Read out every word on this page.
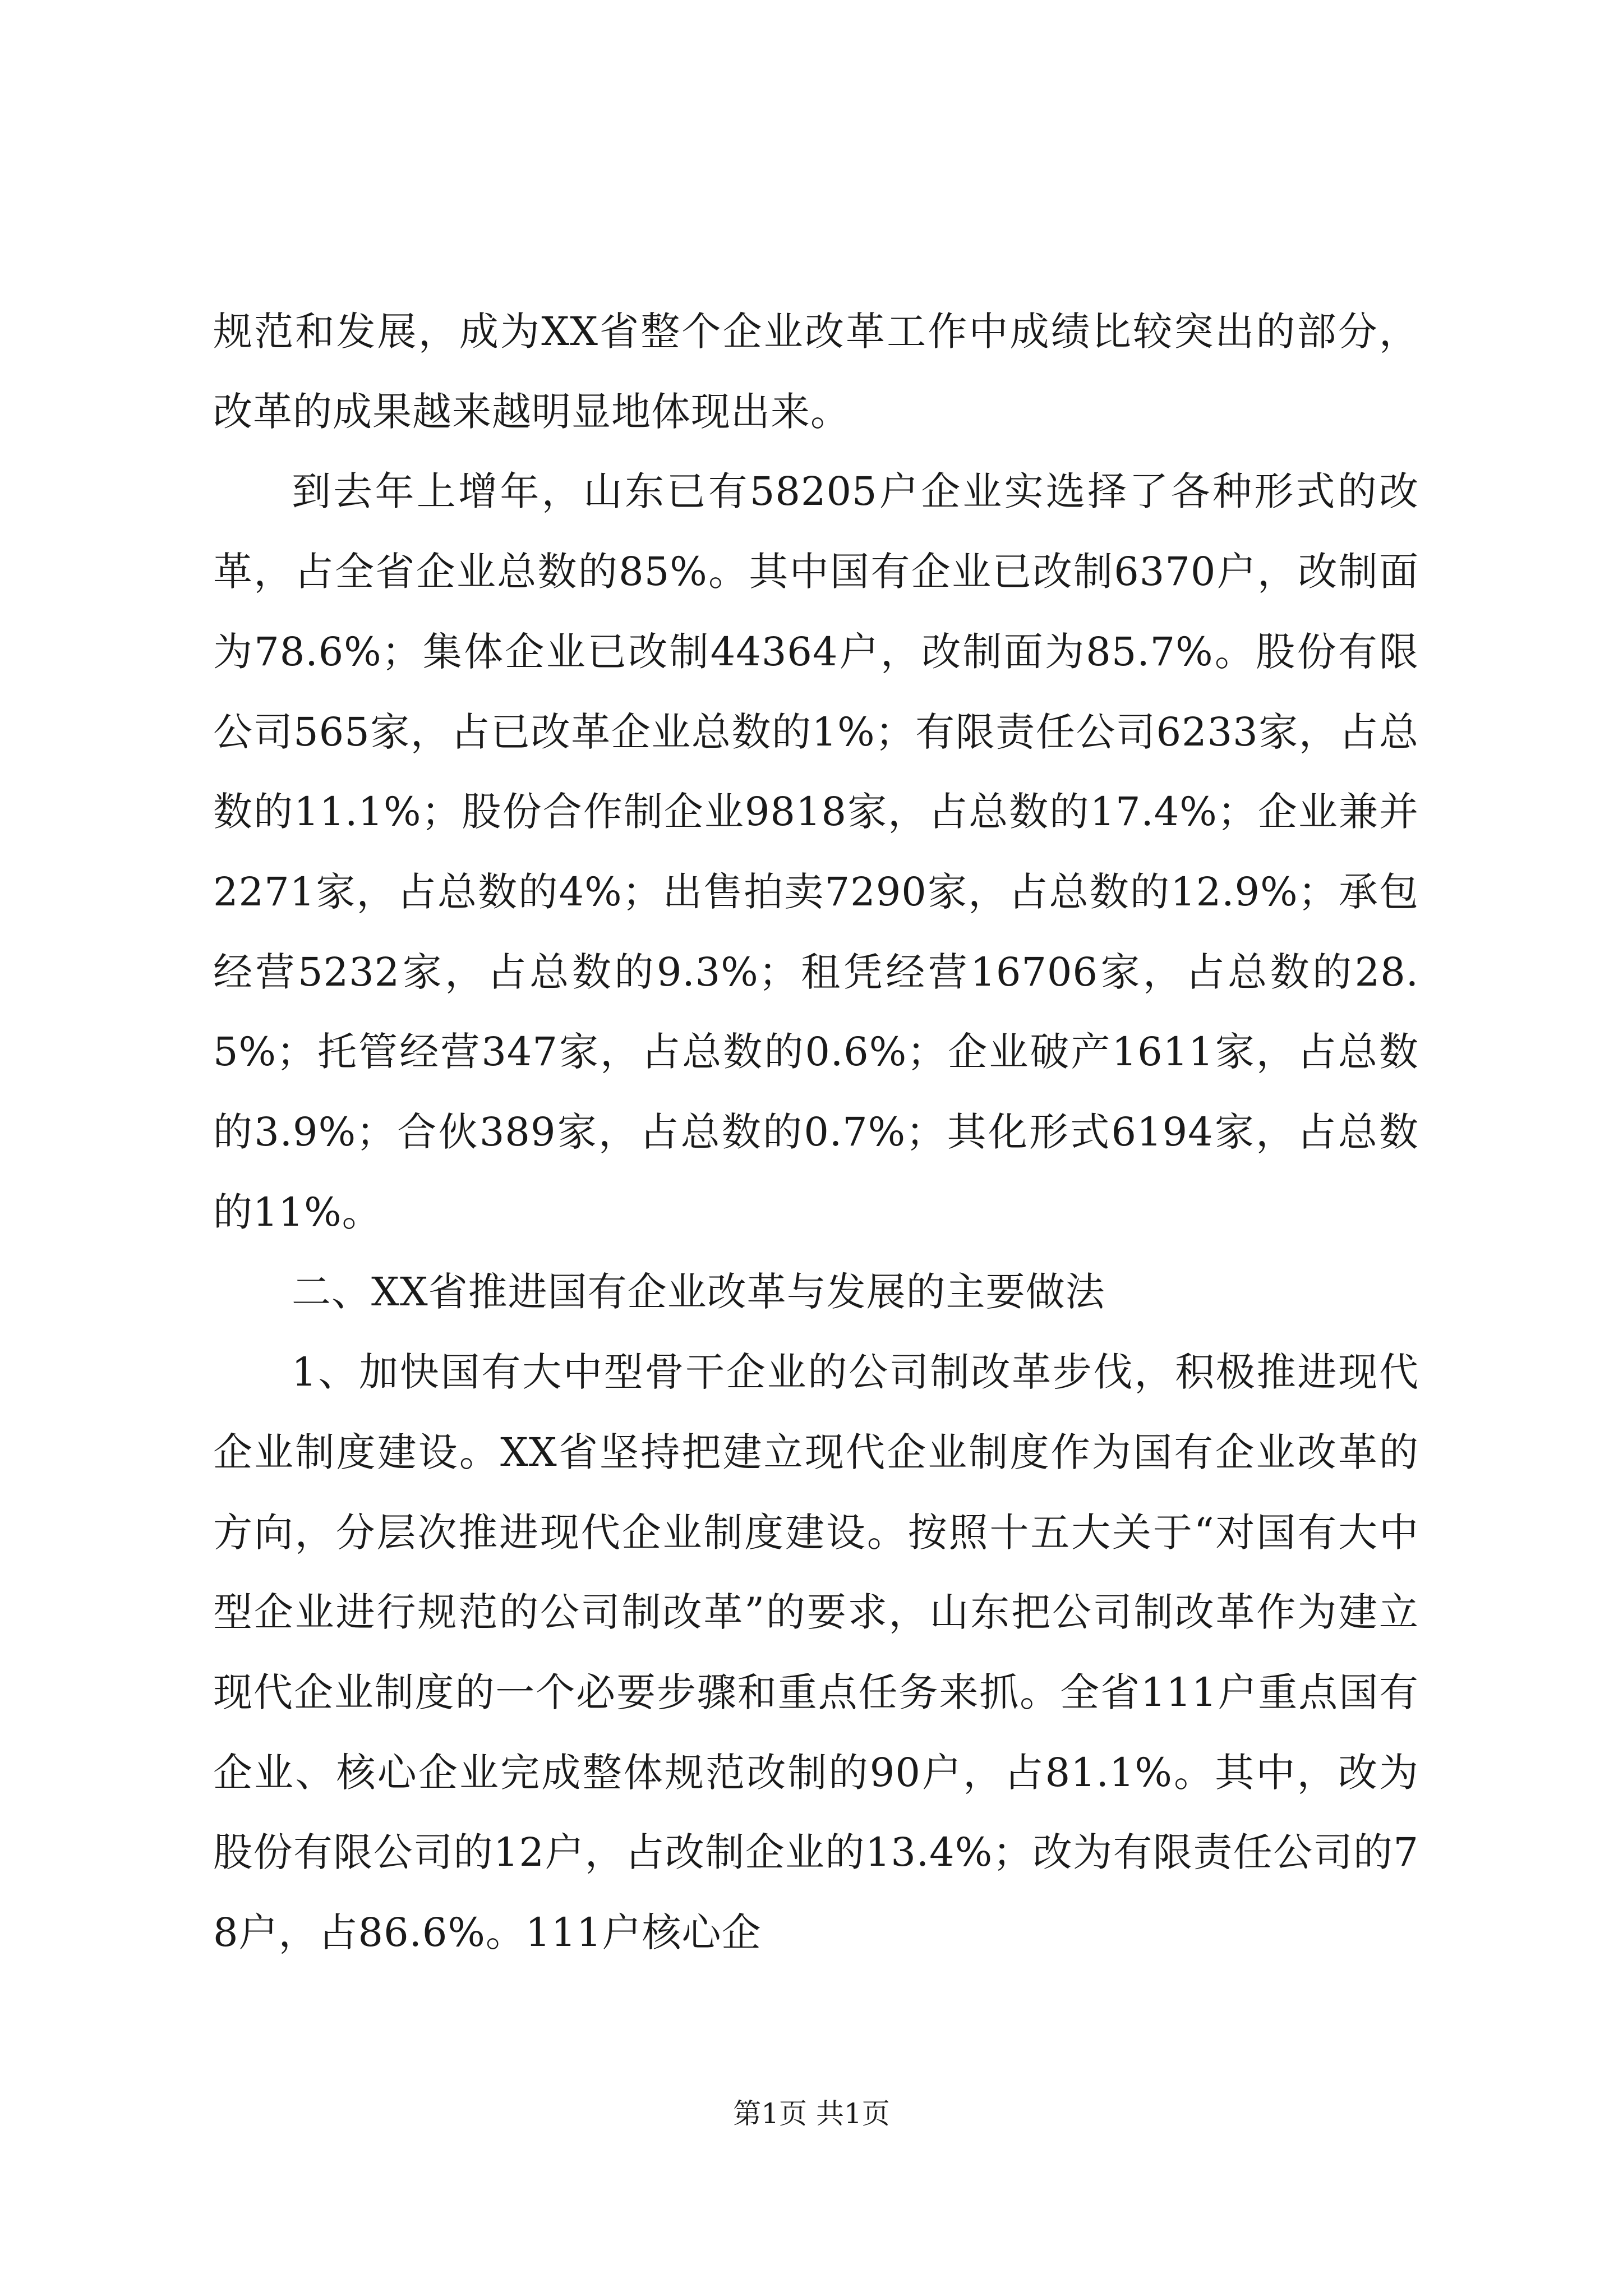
规范和发展，成为XX省整个企业改革工作中成绩比较突出的部分，改革的成果越来越明显地体现出来。

到去年上增年，山东已有58205户企业实选择了各种形式的改革，占全省企业总数的85%。其中国有企业已改制6370户，改制面为78.6%；集体企业已改制44364户，改制面为85.7%。股份有限公司565家，占已改革企业总数的1%；有限责任公司6233家，占总数的11.1%；股份合作制企业9818家，占总数的17.4%；企业兼并2271家，占总数的4%；出售拍卖7290家，占总数的12.9%；承包经营5232家，占总数的9.3%；租凭经营16706家，占总数的28.5%；托管经营347家，占总数的0.6%；企业破产1611家，占总数的3.9%；合伙389家，占总数的0.7%；其化形式6194家，占总数的11%。

二、XX省推进国有企业改革与发展的主要做法

1、加快国有大中型骨干企业的公司制改革步伐，积极推进现代企业制度建设。XX省坚持把建立现代企业制度作为国有企业改革的方向，分层次推进现代企业制度建设。按照十五大关于“对国有大中型企业进行规范的公司制改革”的要求，山东把公司制改革作为建立现代企业制度的一个必要步骤和重点任务来抓。全省111户重点国有企业、核心企业完成整体规范改制的90户，占81.1%。其中，改为股份有限公司的12户，占改制企业的13.4%；改为有限责任公司的78户，占86.6%。111户核心企

第1页 共1页
